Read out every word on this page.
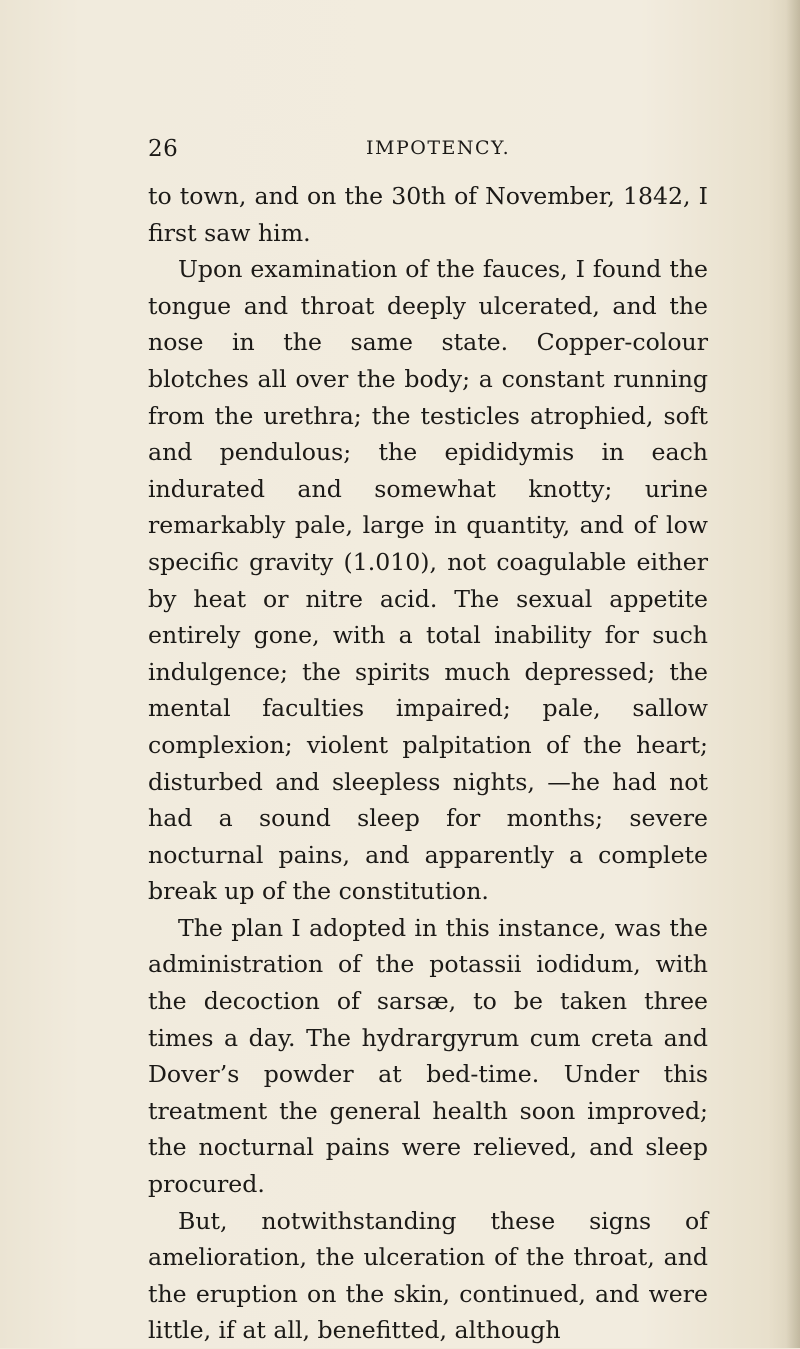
26	IMPOTENCY.

to town, and on the 30th of November, 1842, I first saw him.

Upon examination of the fauces, I found the tongue and throat deeply ulcerated, and the nose in the same state. Copper-colour blotches all over the body; a constant running from the urethra; the testicles atrophied, soft and pendulous; the epididymis in each indurated and somewhat knotty; urine remarkably pale, large in quantity, and of low specific gravity (1.010), not coagulable either by heat or nitre acid. The sexual appetite entirely gone, with a total inability for such indulgence; the spirits much depressed; the mental faculties impaired; pale, sallow complexion; violent palpitation of the heart; disturbed and sleepless nights, —he had not had a sound sleep for months; severe nocturnal pains, and apparently a complete break up of the constitution.

The plan I adopted in this instance, was the administration of the potassii iodidum, with the decoction of sarsæ, to be taken three times a day. The hydrargyrum cum creta and Dover’s powder at bed-time. Under this treatment the general health soon improved; the nocturnal pains were relieved, and sleep procured.

But, notwithstanding these signs of amelioration, the ulceration of the throat, and the eruption on the skin, continued, and were little, if at all, benefitted, although
